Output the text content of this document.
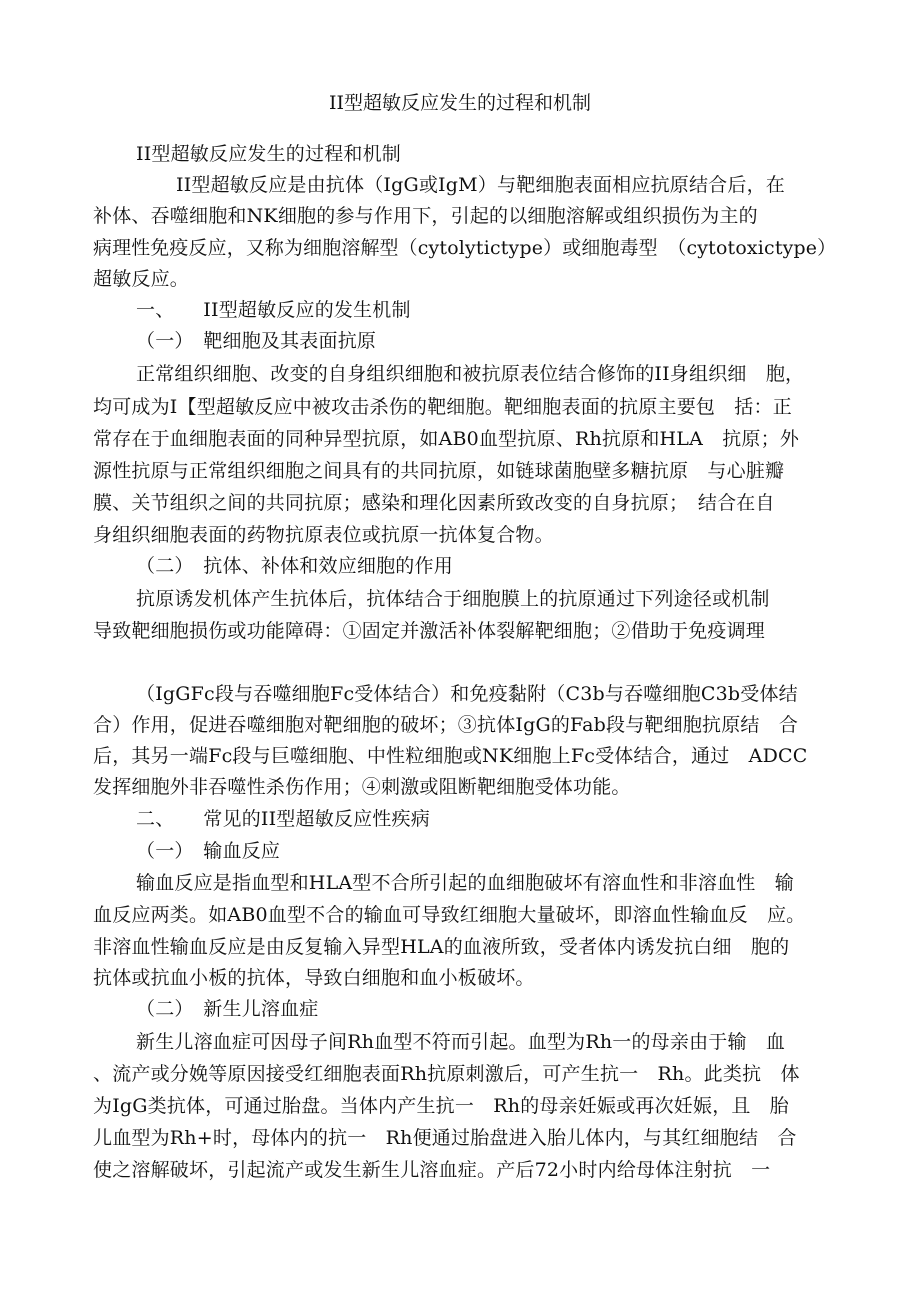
II型超敏反应发生的过程和机制
II型超敏反应发生的过程和机制
II型超敏反应是由抗体（IgG或IgM）与靶细胞表面相应抗原结合后，在
补体、吞噬细胞和NK细胞的参与作用下，引起的以细胞溶解或组织损伤为主的
病理性免疫反应，又称为细胞溶解型（cytolytictype）或细胞毒型　（cytotoxictype）
超敏反应。
一、　　II型超敏反应的发生机制
（一）　靶细胞及其表面抗原
正常组织细胞、改变的自身组织细胞和被抗原表位结合修饰的II身组织细　胞，
均可成为I【型超敏反应中被攻击杀伤的靶细胞。靶细胞表面的抗原主要包　括：正
常存在于血细胞表面的同种异型抗原，如AB0血型抗原、Rh抗原和HLA　抗原；外
源性抗原与正常组织细胞之间具有的共同抗原，如链球菌胞壁多糖抗原　与心脏瓣
膜、关节组织之间的共同抗原；感染和理化因素所致改变的自身抗原；　结合在自
身组织细胞表面的药物抗原表位或抗原一抗体复合物。
（二）　抗体、补体和效应细胞的作用
抗原诱发机体产生抗体后，抗体结合于细胞膜上的抗原通过下列途径或机制
导致靶细胞损伤或功能障碍：①固定并激活补体裂解靶细胞；②借助于免疫调理
（IgGFc段与吞噬细胞Fc受体结合）和免疫黏附（C3b与吞噬细胞C3b受体结
合）作用，促进吞噬细胞对靶细胞的破坏；③抗体IgG的Fab段与靶细胞抗原结　合
后，其另一端Fc段与巨噬细胞、中性粒细胞或NK细胞上Fc受体结合，通过　ADCC
发挥细胞外非吞噬性杀伤作用；④刺激或阻断靶细胞受体功能。
二、　　常见的II型超敏反应性疾病
（一）　输血反应
输血反应是指血型和HLA型不合所引起的血细胞破坏有溶血性和非溶血性　输
血反应两类。如AB0血型不合的输血可导致红细胞大量破坏，即溶血性输血反　应。
非溶血性输血反应是由反复输入异型HLA的血液所致，受者体内诱发抗白细　胞的
抗体或抗血小板的抗体，导致白细胞和血小板破坏。
（二）　新生儿溶血症
新生儿溶血症可因母子间Rh血型不符而引起。血型为Rh一的母亲由于输　血
、流产或分娩等原因接受红细胞表面Rh抗原刺激后，可产生抗一　Rh。此类抗　体
为IgG类抗体，可通过胎盘。当体内产生抗一　Rh的母亲妊娠或再次妊娠，且　胎
儿血型为Rh+时，母体内的抗一　Rh便通过胎盘进入胎儿体内，与其红细胞结　合
使之溶解破坏，引起流产或发生新生儿溶血症。产后72小时内给母体注射抗　一
